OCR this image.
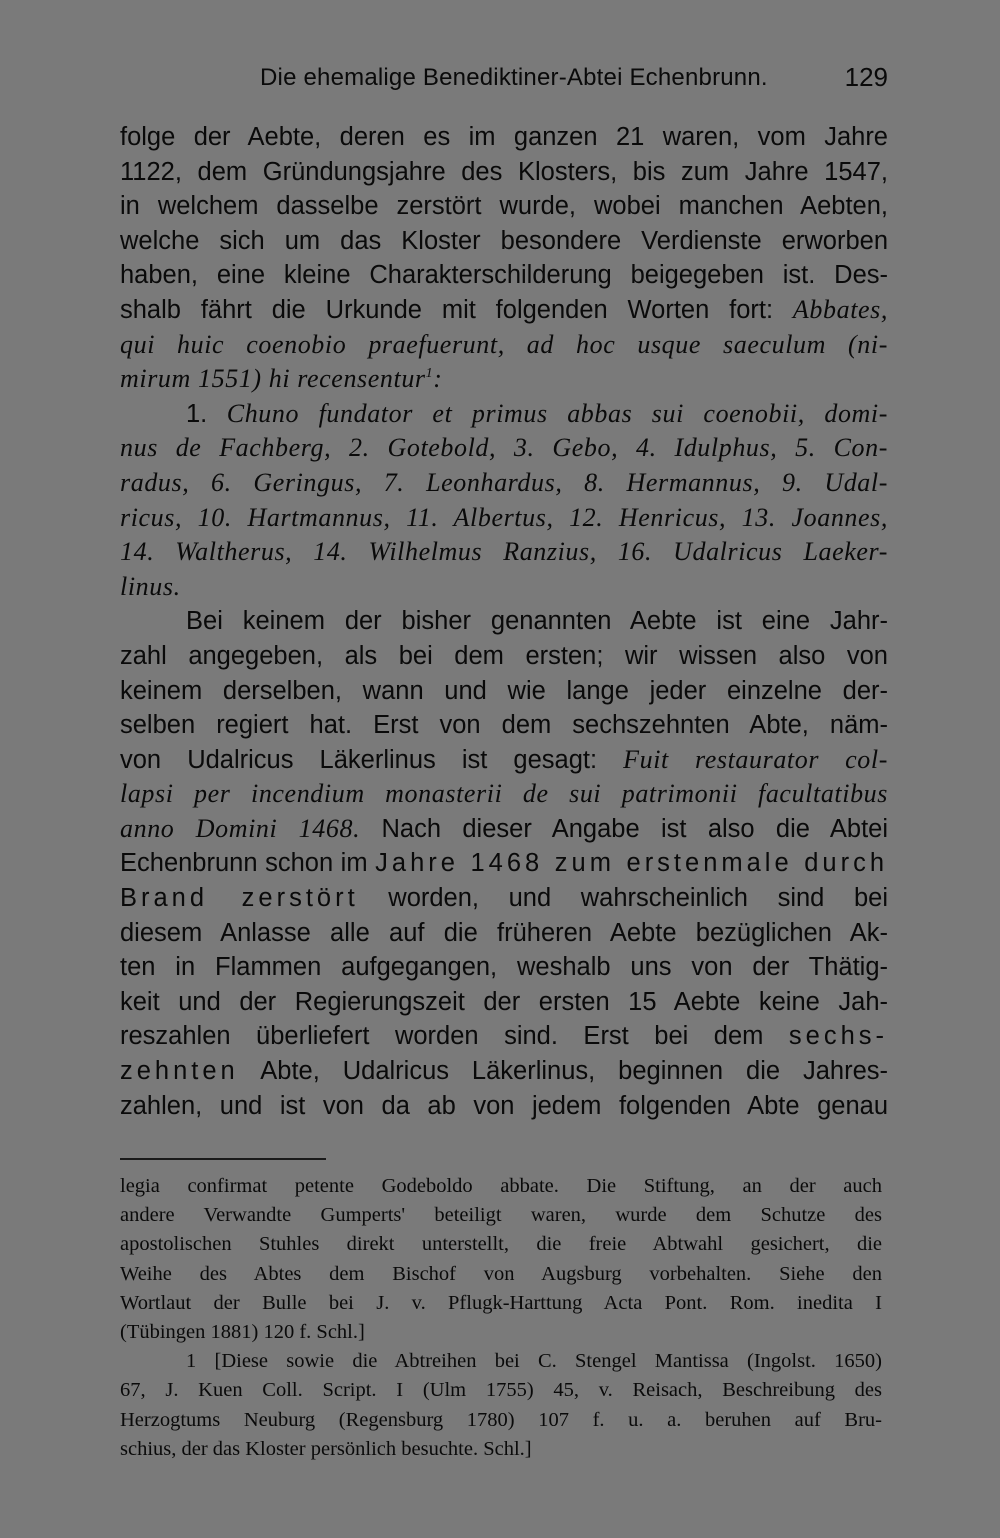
Die ehemalige Benediktiner-Abtei Echenbrunn.	129
folge der Aebte, deren es im ganzen 21 waren, vom Jahre
1122, dem Gründungsjahre des Klosters, bis zum Jahre 1547,
in welchem dasselbe zerstört wurde, wobei manchen Aebten,
welche sich um das Kloster besondere Verdienste erworben
haben, eine kleine Charakterschilderung beigegeben ist. Des-
shalb fährt die Urkunde mit folgenden Worten fort: Abbates,
qui huic coenobio praefuerunt, ad hoc usque saeculum (ni-
mirum 1551) hi recensentur$^1$:
1. Chuno fundator et primus abbas sui coenobii, domi-
nus de Fachberg, 2. Gotebold, 3. Gebo, 4. Idulphus, 5. Con-
radus, 6. Geringus, 7. Leonhardus, 8. Hermannus, 9. Udal-
ricus, 10. Hartmannus, 11. Albertus, 12. Henricus, 13. Joannes,
14. Waltherus, 14. Wilhelmus Ranzius, 16. Udalricus Laeker-
linus.
Bei keinem der bisher genannten Aebte ist eine Jahr-
zahl angegeben, als bei dem ersten; wir wissen also von
keinem derselben, wann und wie lange jeder einzelne der-
selben regiert hat. Erst von dem sechszehnten Abte, näm-
von Udalricus Läkerlinus ist gesagt: Fuit restaurator col-
lapsi per incendium monasterii de sui patrimonii facultatibus
anno Domini 1468. Nach dieser Angabe ist also die Abtei
Echenbrunn schon im Jahre 1468 zum erstenmale durch
Brand zerstört worden, und wahrscheinlich sind bei
diesem Anlasse alle auf die früheren Aebte bezüglichen Ak-
ten in Flammen aufgegangen, weshalb uns von der Thätig-
keit und der Regierungszeit der ersten 15 Aebte keine Jah-
reszahlen überliefert worden sind. Erst bei dem sechs-
zehnten Abte, Udalricus Läkerlinus, beginnen die Jahres-
zahlen, und ist von da ab von jedem folgenden Abte genau
legia confirmat petente Godeboldo abbate. Die Stiftung, an der auch
andere Verwandte Gumperts' beteiligt waren, wurde dem Schutze des
apostolischen Stuhles direkt unterstellt, die freie Abtwahl gesichert, die
Weihe des Abtes dem Bischof von Augsburg vorbehalten. Siehe den
Wortlaut der Bulle bei J. v. Pflugk-Harttung Acta Pont. Rom. inedita I
(Tübingen 1881) 120 f. Schl.]
1 [Diese sowie die Abtreihen bei C. Stengel Mantissa (Ingolst. 1650)
67, J. Kuen Coll. Script. I (Ulm 1755) 45, v. Reisach, Beschreibung des
Herzogtums Neuburg (Regensburg 1780) 107 f. u. a. beruhen auf Bru-
schius, der das Kloster persönlich besuchte. Schl.]
